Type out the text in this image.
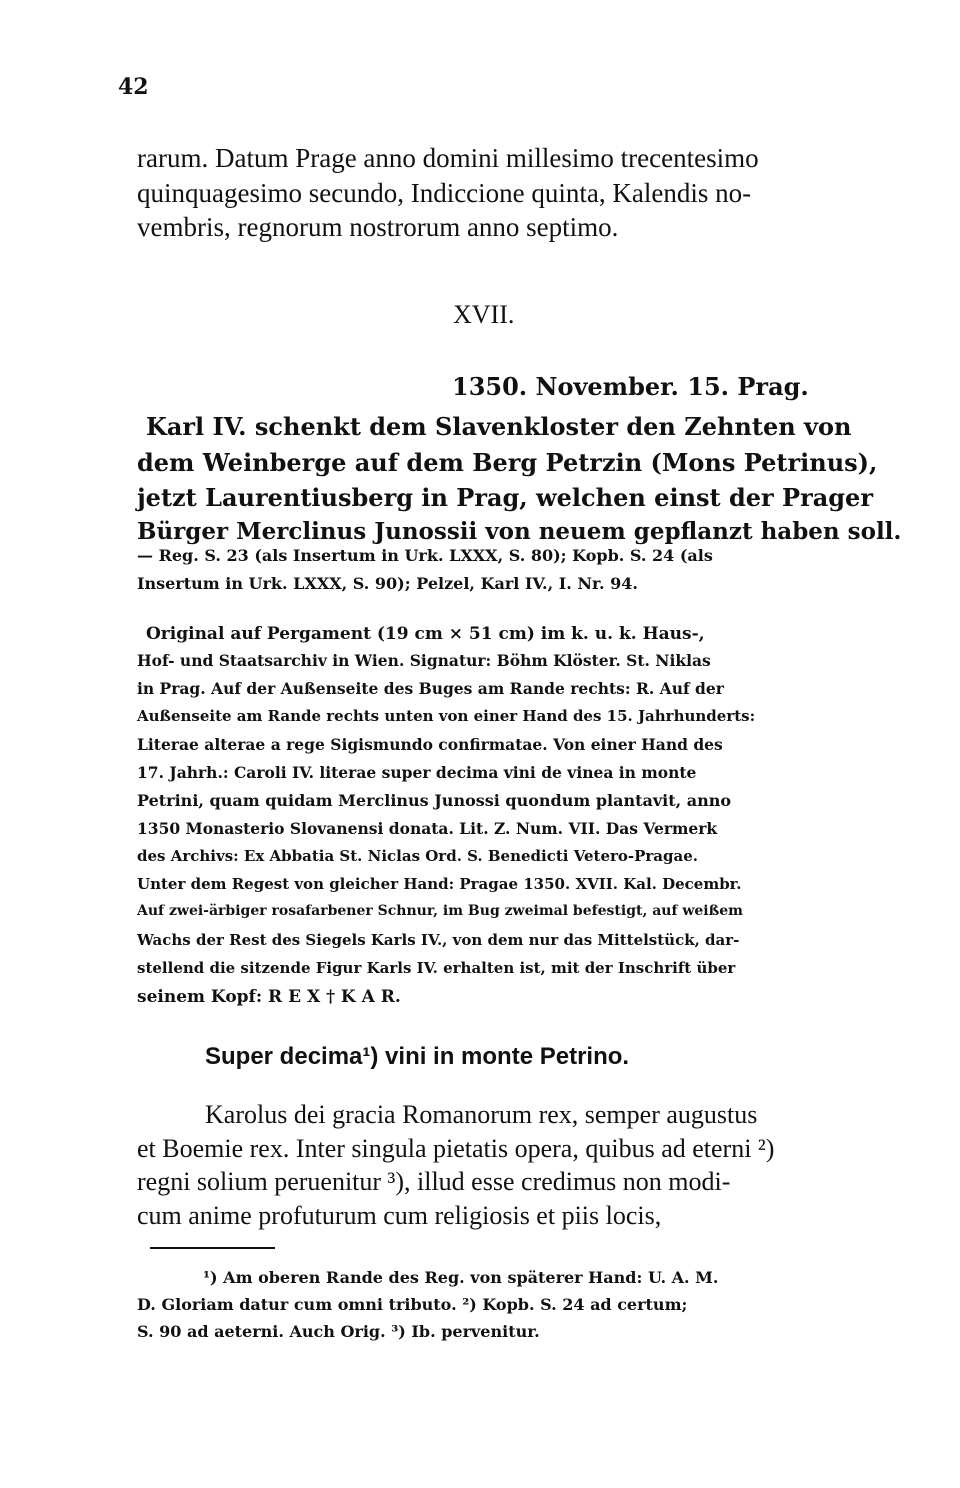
42
rarum. Datum Prage anno domini millesimo trecentesimo
quinquagesimo secundo, Indiccione quinta, Kalendis no-
vembris, regnorum nostrorum anno septimo.
XVII.
1350. November. 15. Prag.
Karl IV. schenkt dem Slavenkloster den Zehnten von
dem Weinberge auf dem Berg Petrzin (Mons Petrinus),
jetzt Laurentiusberg in Prag, welchen einst der Prager
Bürger Merclinus Junossii von neuem gepflanzt haben soll.
— Reg. S. 23 (als Insertum in Urk. LXXX, S. 80); Kopb. S. 24 (als
Insertum in Urk. LXXX, S. 90); Pelzel, Karl IV., I. Nr. 94.
Original auf Pergament (19 cm × 51 cm) im k. u. k. Haus-,
Hof- und Staatsarchiv in Wien. Signatur: Böhm Klöster. St. Niklas
in Prag. Auf der Außenseite des Buges am Rande rechts: R. Auf der
Außenseite am Rande rechts unten von einer Hand des 15. Jahrhunderts:
Literae alterae a rege Sigismundo confirmatae. Von einer Hand des
17. Jahrh.: Caroli IV. literae super decima vini de vinea in monte
Petrini, quam quidam Merclinus Junossi quondum plantavit, anno
1350 Monasterio Slovanensi donata. Lit. Z. Num. VII. Das Vermerk
des Archivs: Ex Abbatia St. Niclas Ord. S. Benedicti Vetero-Pragae.
Unter dem Regest von gleicher Hand: Pragae 1350. XVII. Kal. Decembr.
Auf zwei-ärbiger rosafarbener Schnur, im Bug zweimal befestigt, auf weißem
Wachs der Rest des Siegels Karls IV., von dem nur das Mittelstück, dar-
stellend die sitzende Figur Karls IV. erhalten ist, mit der Inschrift über
seinem Kopf: R E X † K A R.
Super decima¹) vini in monte Petrino.
Karolus dei gracia Romanorum rex, semper augustus
et Boemie rex. Inter singula pietatis opera, quibus ad eterni ²)
regni solium peruenitur ³), illud esse credimus non modi-
cum anime profuturum cum religiosis et piis locis,
¹) Am oberen Rande des Reg. von späterer Hand: U. A. M.
D. Gloriam datur cum omni tributo. ²) Kopb. S. 24 ad certum;
S. 90 ad aeterni. Auch Orig. ³) Ib. pervenitur.
